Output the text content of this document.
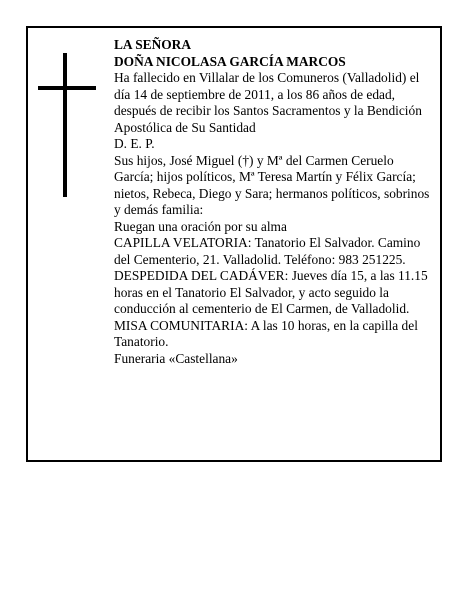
LA SEÑORA

DOÑA NICOLASA GARCÍA MARCOS

Ha fallecido en Villalar de los Comuneros (Valladolid) el día 14 de septiembre de 2011, a los 86 años de edad, después de recibir los Santos Sacramentos y la Bendición Apostólica de Su Santidad

D. E. P.

Sus hijos, José Miguel (†) y Mª del Carmen Ceruelo García; hijos políticos, Mª Teresa Martín y Félix García; nietos, Rebeca, Diego y Sara; hermanos políticos, sobrinos y demás familia:

Ruegan una oración por su alma

CAPILLA VELATORIA: Tanatorio El Salvador. Camino del Cementerio, 21. Valladolid. Teléfono: 983 251225.

DESPEDIDA DEL CADÁVER: Jueves día 15, a las 11.15 horas en el Tanatorio El Salvador, y acto seguido la conducción al cementerio de El Carmen, de Valladolid.

MISA COMUNITARIA: A las 10 horas, en la capilla del Tanatorio.

Funeraria «Castellana»
